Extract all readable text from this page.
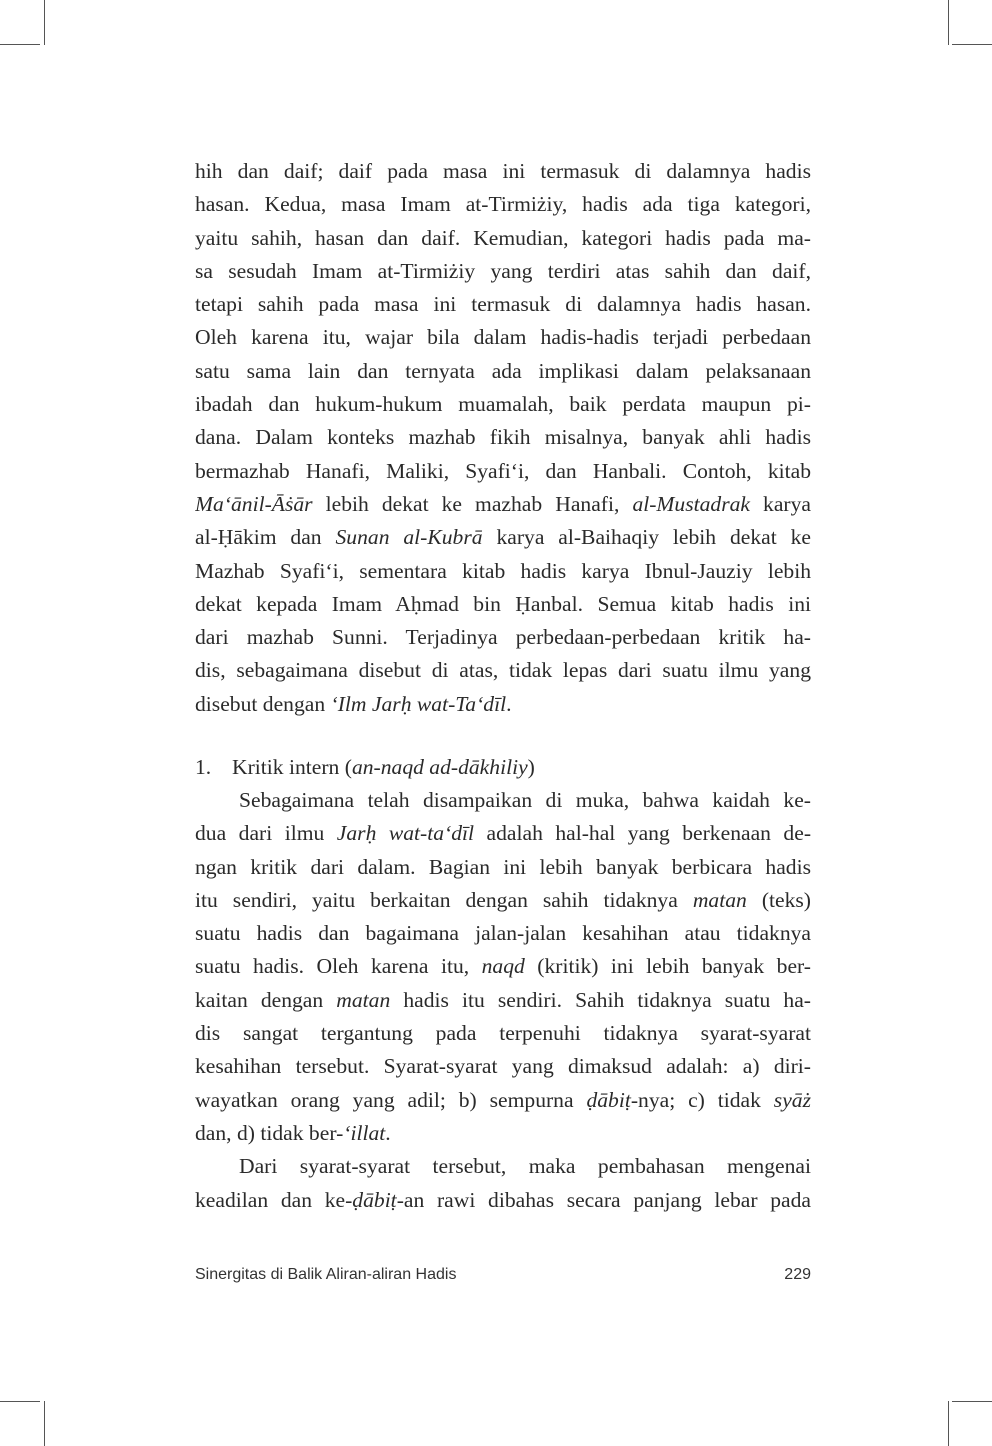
hih dan daif; daif pada masa ini termasuk di dalamnya hadis
hasan. Kedua, masa Imam at-Tirmiżiy, hadis ada tiga kategori,
yaitu sahih, hasan dan daif. Kemudian, kategori hadis pada ma-
sa sesudah Imam at-Tirmiżiy yang terdiri atas sahih dan daif,
tetapi sahih pada masa ini termasuk di dalamnya hadis hasan.
Oleh karena itu, wajar bila dalam hadis-hadis terjadi perbedaan
satu sama lain dan ternyata ada implikasi dalam pelaksanaan
ibadah dan hukum-hukum muamalah, baik perdata maupun pi-
dana. Dalam konteks mazhab fikih misalnya, banyak ahli hadis
bermazhab Hanafi, Maliki, Syafi‘i, dan Hanbali. Contoh, kitab
Ma‘ānil-Āṡār lebih dekat ke mazhab Hanafi, al-Mustadrak karya
al-Ḥākim dan Sunan al-Kubrā karya al-Baihaqiy lebih dekat ke
Mazhab Syafi‘i, sementara kitab hadis karya Ibnul-Jauziy lebih
dekat kepada Imam Aḥmad bin Ḥanbal. Semua kitab hadis ini
dari mazhab Sunni. Terjadinya perbedaan-perbedaan kritik ha-
dis, sebagaimana disebut di atas, tidak lepas dari suatu ilmu yang
disebut dengan ‘Ilm Jarḥ wat-Ta‘dīl.
1. Kritik intern (an-naqd ad-dākhiliy)
Sebagaimana telah disampaikan di muka, bahwa kaidah ke-
dua dari ilmu Jarḥ wat-ta‘dīl adalah hal-hal yang berkenaan de-
ngan kritik dari dalam. Bagian ini lebih banyak berbicara hadis
itu sendiri, yaitu berkaitan dengan sahih tidaknya matan (teks)
suatu hadis dan bagaimana jalan-jalan kesahihan atau tidaknya
suatu hadis. Oleh karena itu, naqd (kritik) ini lebih banyak ber-
kaitan dengan matan hadis itu sendiri. Sahih tidaknya suatu ha-
dis sangat tergantung pada terpenuhi tidaknya syarat-syarat
kesahihan tersebut. Syarat-syarat yang dimaksud adalah: a) diri-
wayatkan orang yang adil; b) sempurna ḍābiṭ-nya; c) tidak syāż
dan, d) tidak ber-‘illat.
Dari syarat-syarat tersebut, maka pembahasan mengenai
keadilan dan ke-ḍābiṭ-an rawi dibahas secara panjang lebar pada
Sinergitas di Balik Aliran-aliran Hadis	229
